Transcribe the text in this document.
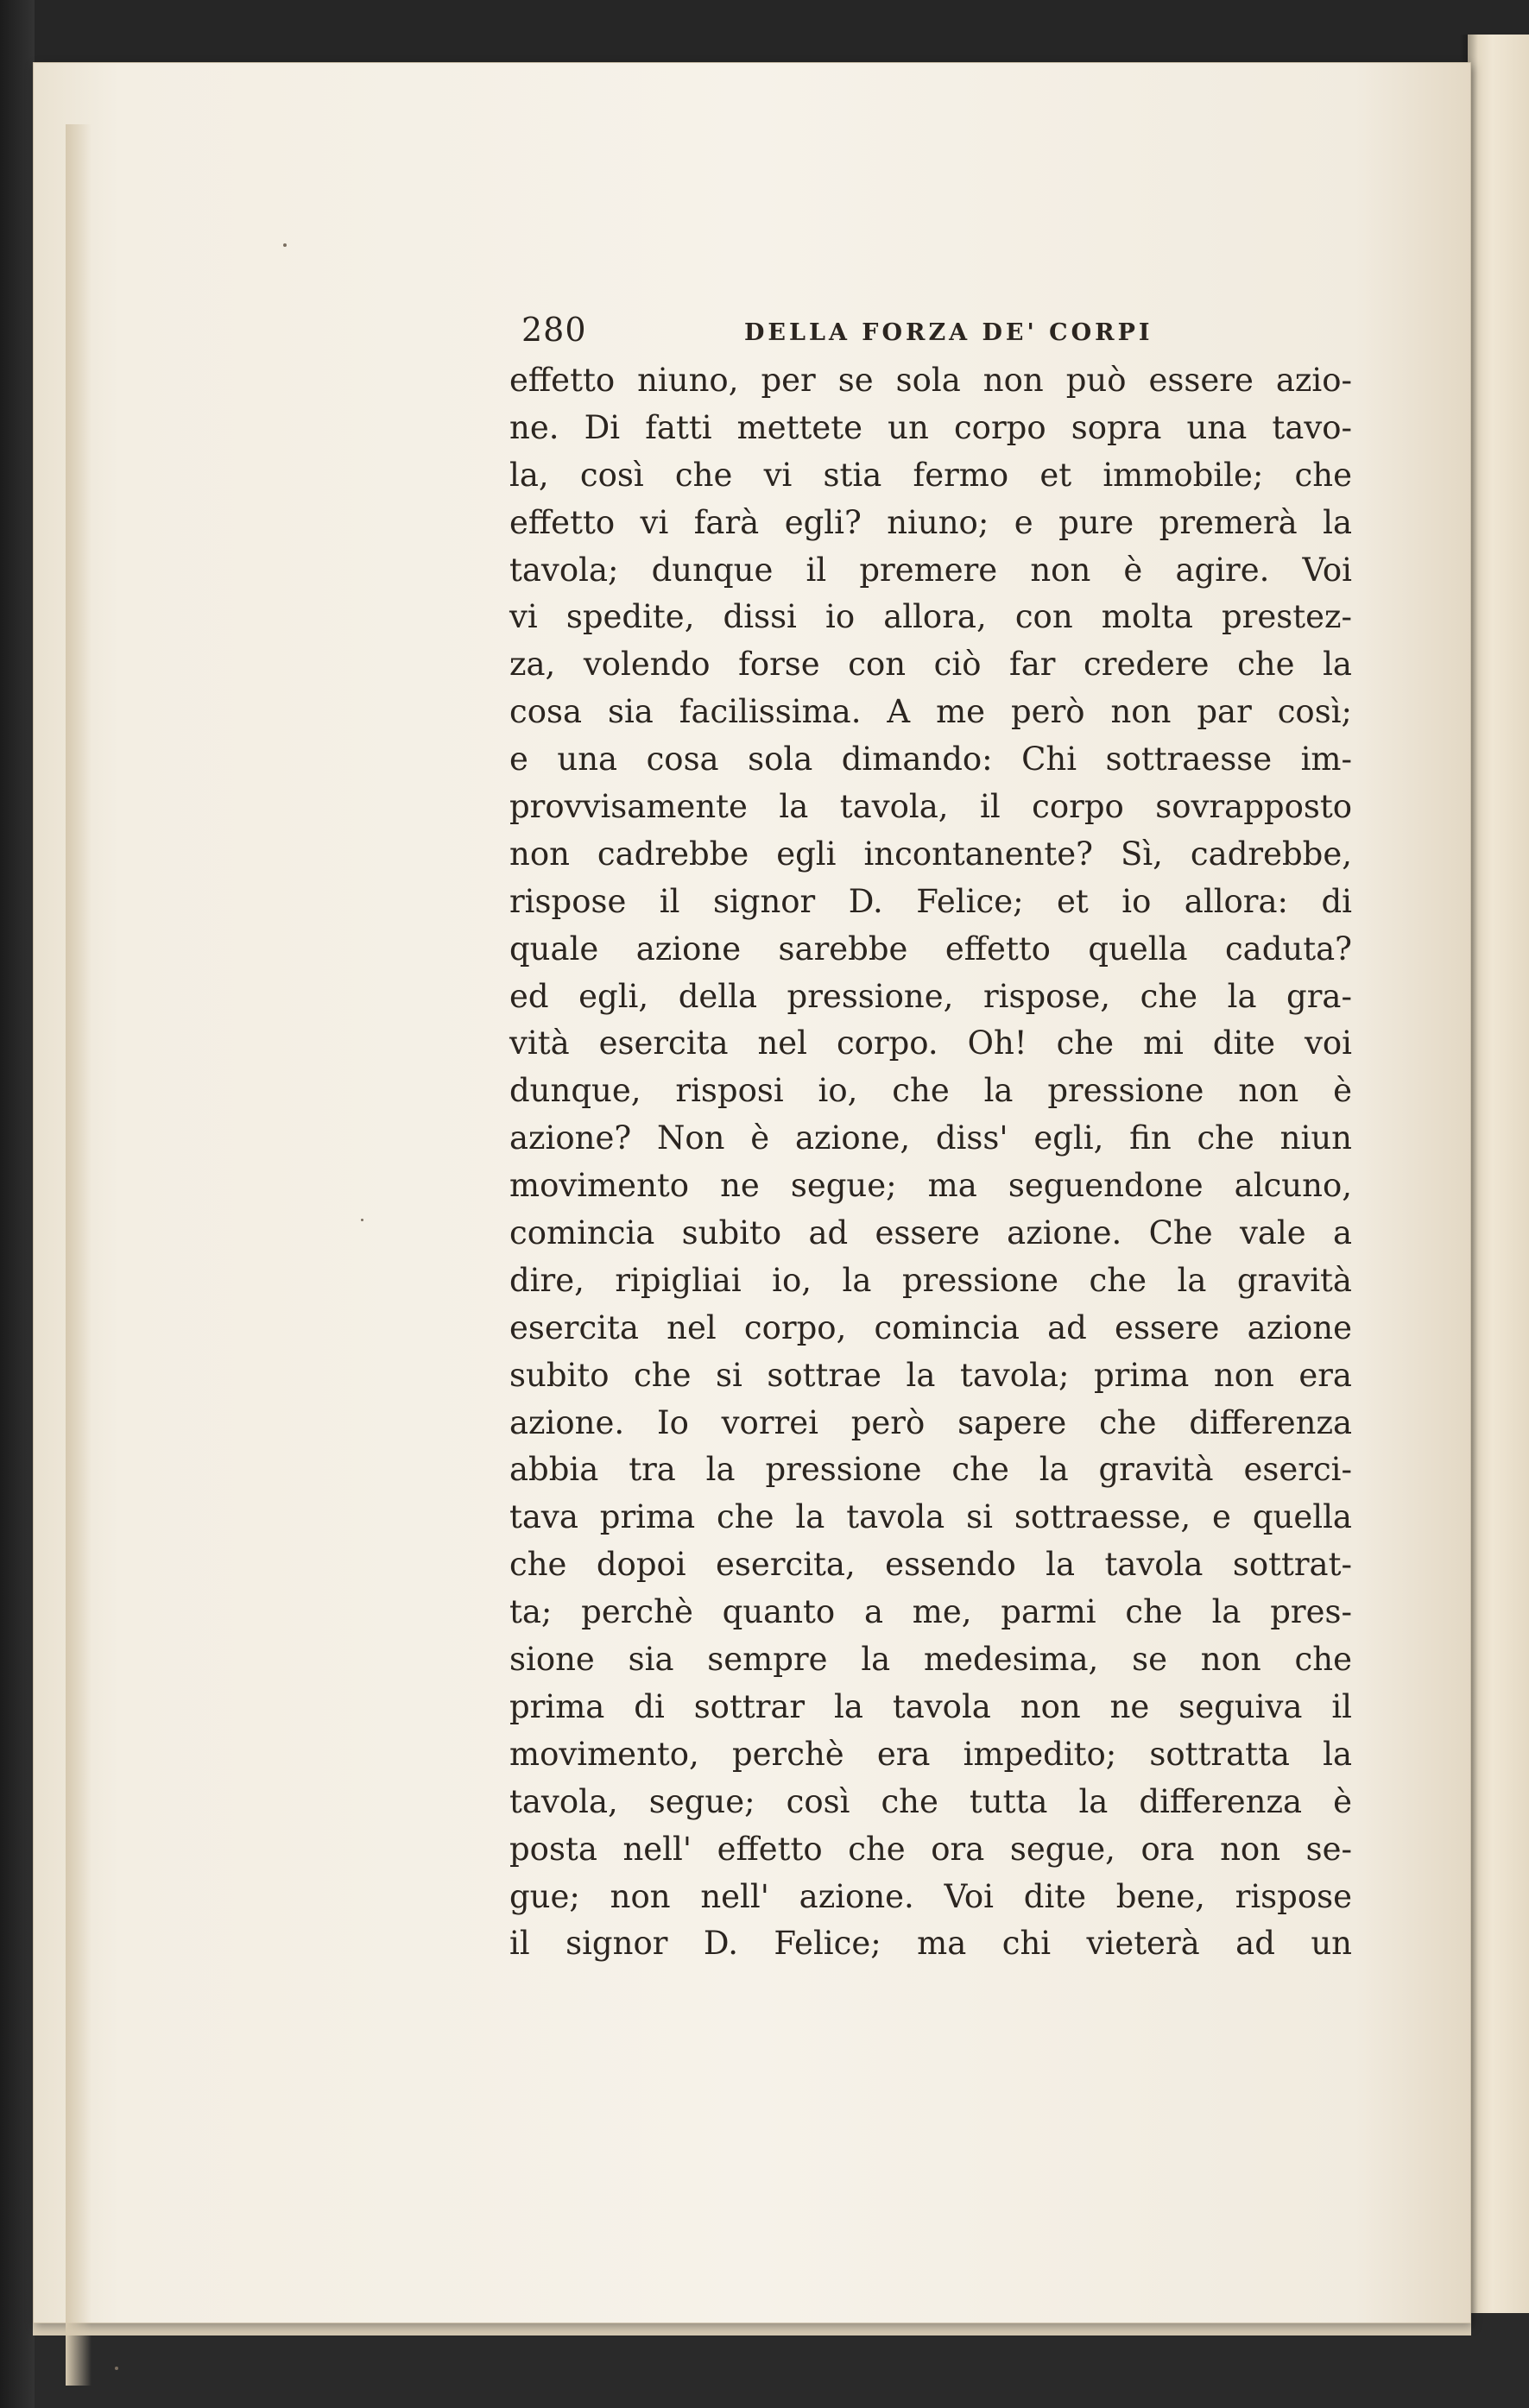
280	DELLA FORZA DE' CORPI
effetto niuno, per se sola non può essere azio-
ne. Di fatti mettete un corpo sopra una tavo-
la, così che vi stia fermo et immobile; che
effetto vi farà egli? niuno; e pure premerà la
tavola; dunque il premere non è agire. Voi
vi spedite, dissi io allora, con molta prestez-
za, volendo forse con ciò far credere che la
cosa sia facilissima. A me però non par così;
e una cosa sola dimando: Chi sottraesse im-
provvisamente la tavola, il corpo sovrapposto
non cadrebbe egli incontanente? Sì, cadrebbe,
rispose il signor D. Felice; et io allora: di
quale azione sarebbe effetto quella caduta?
ed egli, della pressione, rispose, che la gra-
vità esercita nel corpo. Oh! che mi dite voi
dunque, risposi io, che la pressione non è
azione? Non è azione, diss' egli, fin che niun
movimento ne segue; ma seguendone alcuno,
comincia subito ad essere azione. Che vale a
dire, ripigliai io, la pressione che la gravità
esercita nel corpo, comincia ad essere azione
subito che si sottrae la tavola; prima non era
azione. Io vorrei però sapere che differenza
abbia tra la pressione che la gravità eserci-
tava prima che la tavola si sottraesse, e quella
che dopoi esercita, essendo la tavola sottrat-
ta; perchè quanto a me, parmi che la pres-
sione sia sempre la medesima, se non che
prima di sottrar la tavola non ne seguiva il
movimento, perchè era impedito; sottratta la
tavola, segue; così che tutta la differenza è
posta nell' effetto che ora segue, ora non se-
gue; non nell' azione. Voi dite bene, rispose
il signor D. Felice; ma chi vieterà ad un
